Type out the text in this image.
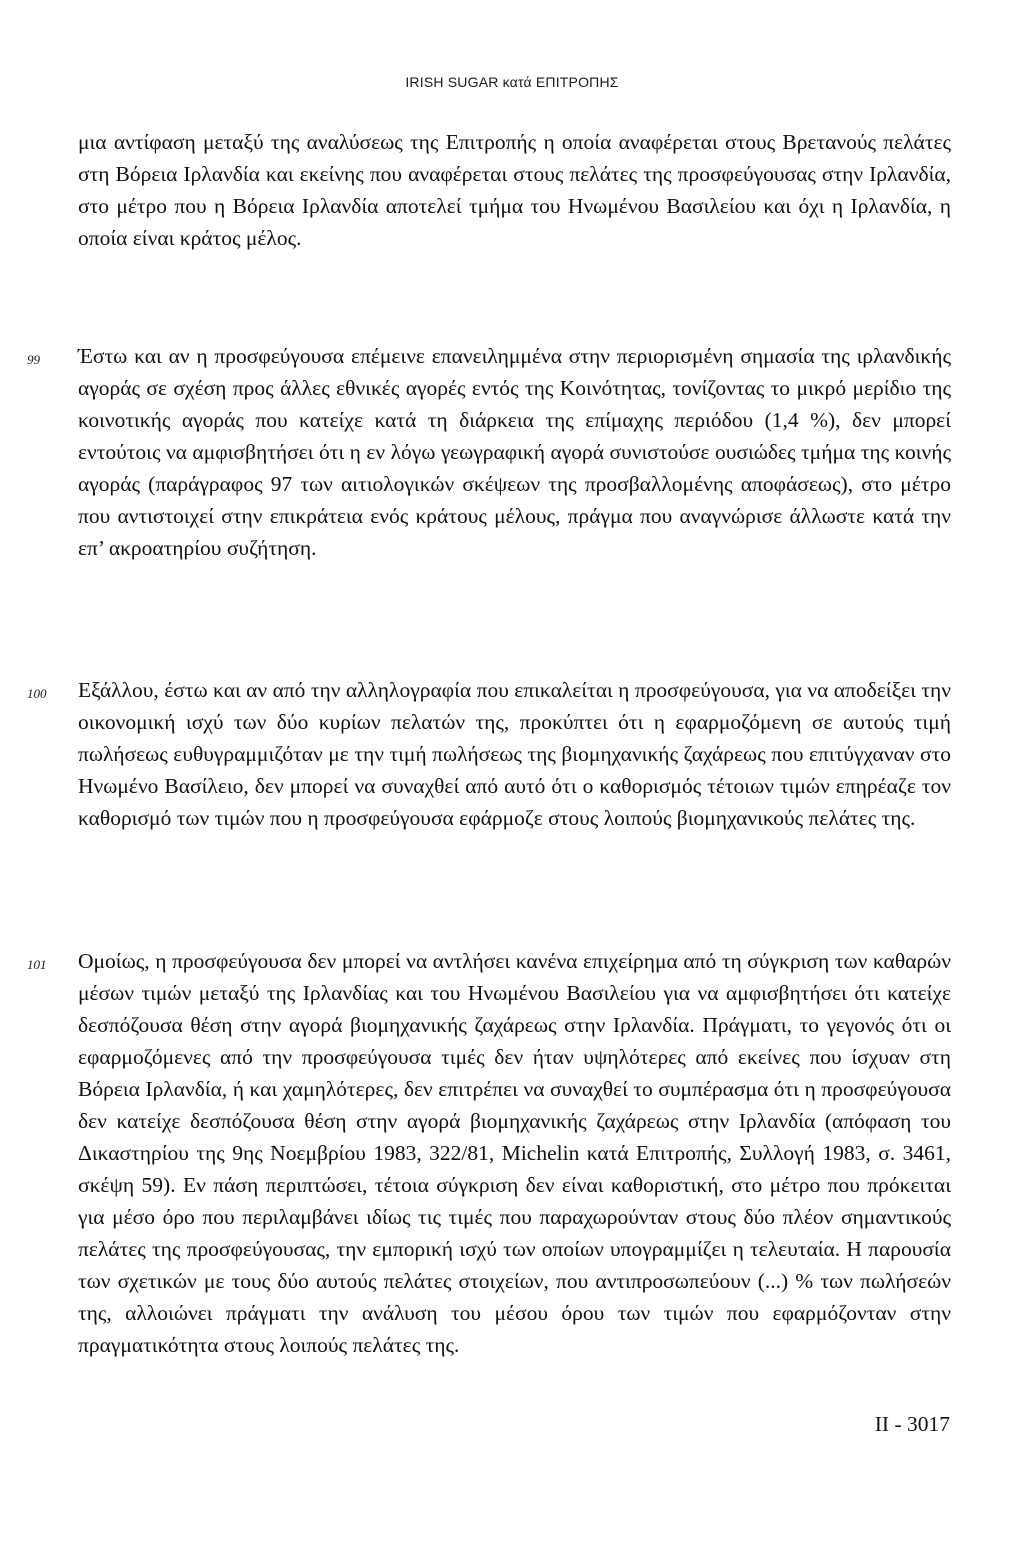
IRISH SUGAR κατά ΕΠΙΤΡΟΠΗΣ

μια αντίφαση μεταξύ της αναλύσεως της Επιτροπής η οποία αναφέρεται στους Βρετανούς πελάτες στη Βόρεια Ιρλανδία και εκείνης που αναφέρεται στους πελάτες της προσφεύγουσας στην Ιρλανδία, στο μέτρο που η Βόρεια Ιρλανδία αποτελεί τμήμα του Ηνωμένου Βασιλείου και όχι η Ιρλανδία, η οποία είναι κράτος μέλος.

99 Έστω και αν η προσφεύγουσα επέμεινε επανειλημμένα στην περιορισμένη σημασία της ιρλανδικής αγοράς σε σχέση προς άλλες εθνικές αγορές εντός της Κοινότητας, τονίζοντας το μικρό μερίδιο της κοινοτικής αγοράς που κατείχε κατά τη διάρκεια της επίμαχης περιόδου (1,4 %), δεν μπορεί εντούτοις να αμφισβητήσει ότι η εν λόγω γεωγραφική αγορά συνιστούσε ουσιώδες τμήμα της κοινής αγοράς (παράγραφος 97 των αιτιολογικών σκέψεων της προσβαλλομένης αποφάσεως), στο μέτρο που αντιστοιχεί στην επικράτεια ενός κράτους μέλους, πράγμα που αναγνώρισε άλλωστε κατά την επ’ ακροατηρίου συζήτηση.

100 Εξάλλου, έστω και αν από την αλληλογραφία που επικαλείται η προσφεύγουσα, για να αποδείξει την οικονομική ισχύ των δύο κυρίων πελατών της, προκύπτει ότι η εφαρμοζόμενη σε αυτούς τιμή πωλήσεως ευθυγραμμιζόταν με την τιμή πωλήσεως της βιομηχανικής ζαχάρεως που επιτύγχαναν στο Ηνωμένο Βασίλειο, δεν μπορεί να συναχθεί από αυτό ότι ο καθορισμός τέτοιων τιμών επηρέαζε τον καθορισμό των τιμών που η προσφεύγουσα εφάρμοζε στους λοιπούς βιομηχανικούς πελάτες της.

101 Ομοίως, η προσφεύγουσα δεν μπορεί να αντλήσει κανένα επιχείρημα από τη σύγκριση των καθαρών μέσων τιμών μεταξύ της Ιρλανδίας και του Ηνωμένου Βασιλείου για να αμφισβητήσει ότι κατείχε δεσπόζουσα θέση στην αγορά βιομηχανικής ζαχάρεως στην Ιρλανδία. Πράγματι, το γεγονός ότι οι εφαρμοζόμενες από την προσφεύγουσα τιμές δεν ήταν υψηλότερες από εκείνες που ίσχυαν στη Βόρεια Ιρλανδία, ή και χαμηλότερες, δεν επιτρέπει να συναχθεί το συμπέρασμα ότι η προσφεύγουσα δεν κατείχε δεσπόζουσα θέση στην αγορά βιομηχανικής ζαχάρεως στην Ιρλανδία (απόφαση του Δικαστηρίου της 9ης Νοεμβρίου 1983, 322/81, Michelin κατά Επιτροπής, Συλλογή 1983, σ. 3461, σκέψη 59). Εν πάση περιπτώσει, τέτοια σύγκριση δεν είναι καθοριστική, στο μέτρο που πρόκειται για μέσο όρο που περιλαμβάνει ιδίως τις τιμές που παραχωρούνταν στους δύο πλέον σημαντικούς πελάτες της προσφεύγουσας, την εμπορική ισχύ των οποίων υπογραμμίζει η τελευταία. Η παρουσία των σχετικών με τους δύο αυτούς πελάτες στοιχείων, που αντιπροσωπεύουν (...) % των πωλήσεών της, αλλοιώνει πράγματι την ανάλυση του μέσου όρου των τιμών που εφαρμόζονταν στην πραγματικότητα στους λοιπούς πελάτες της.

II - 3017
